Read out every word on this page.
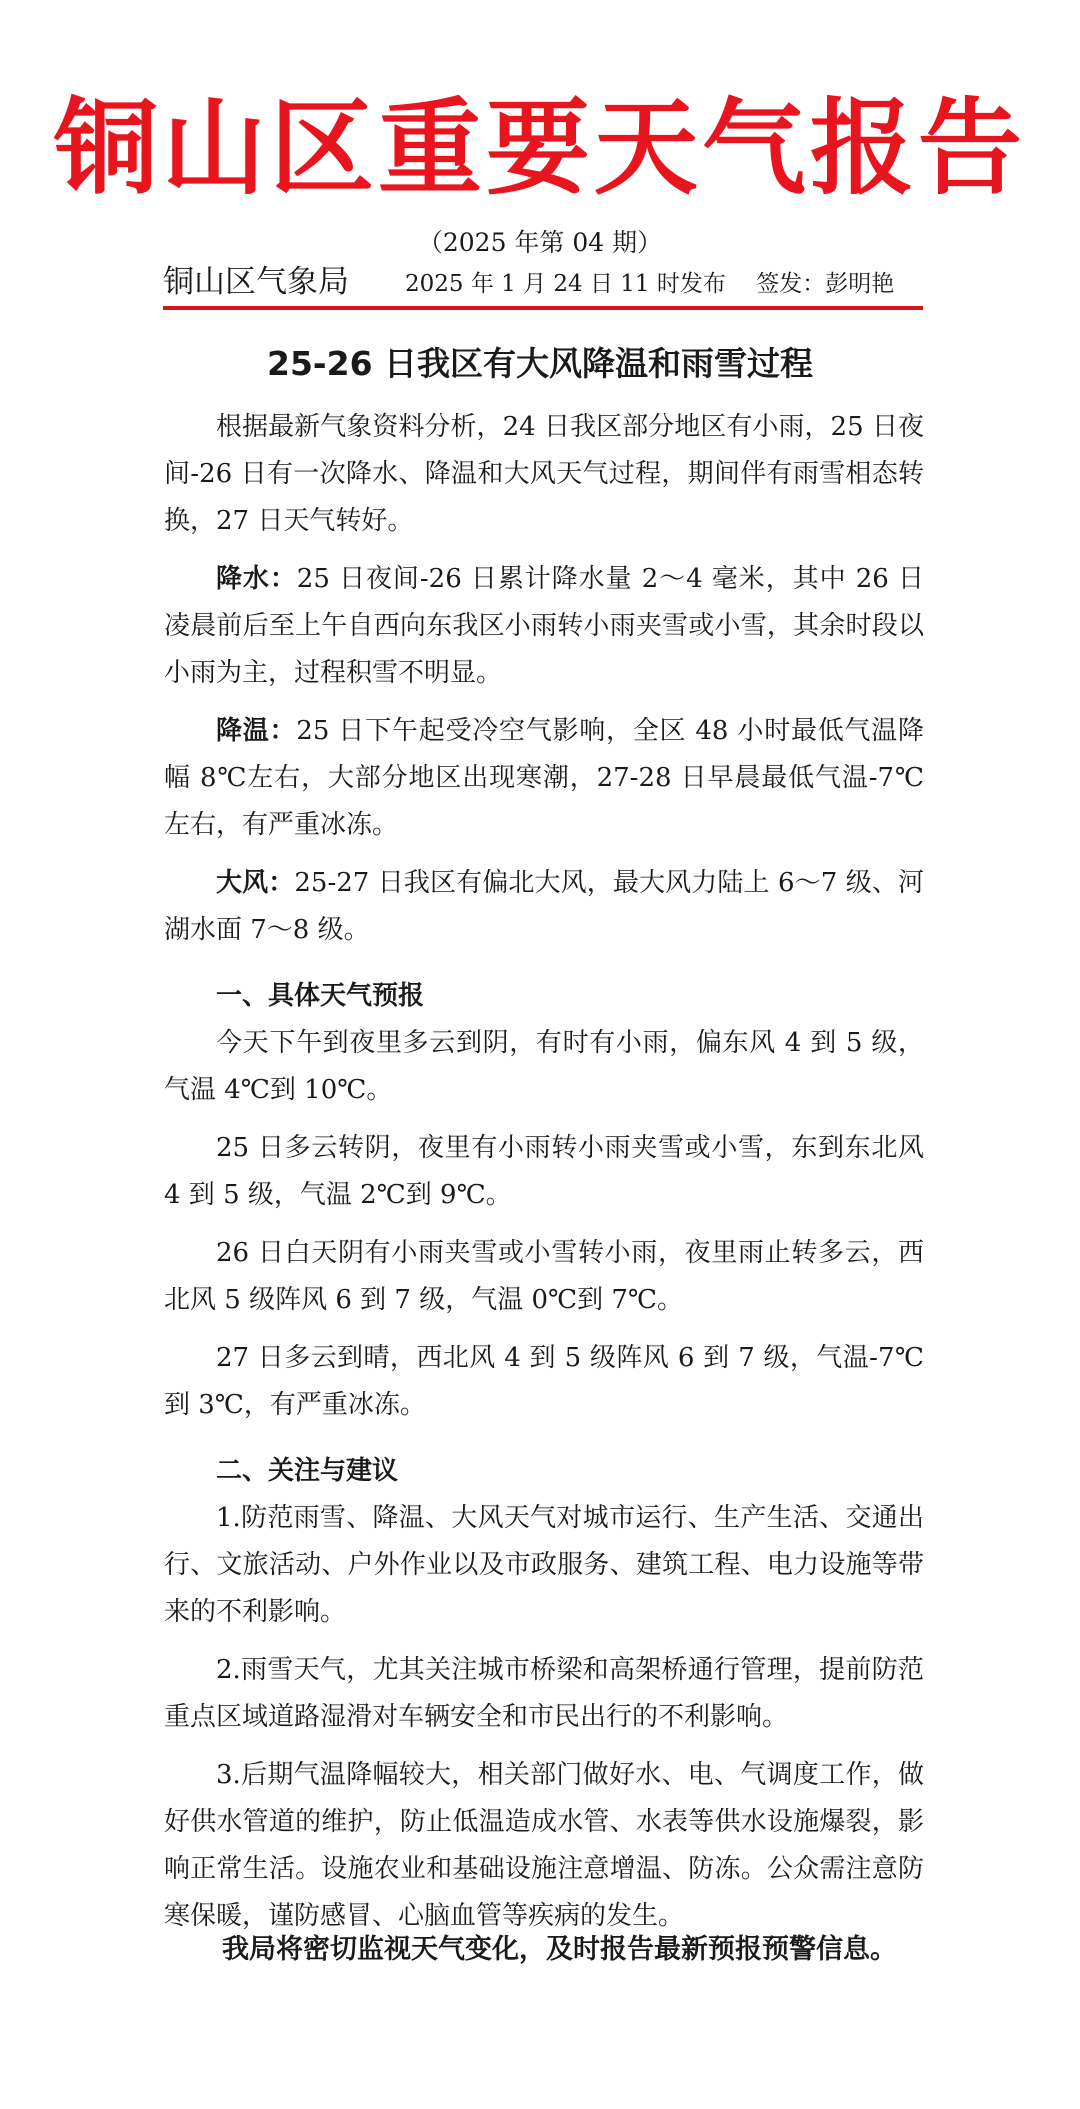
铜山区重要天气报告
（2025 年第 04 期）
铜山区气象局 2025 年 1 月 24 日 11 时发布　 签发：彭明艳
25-26 日我区有大风降温和雨雪过程

根据最新气象资料分析，24 日我区部分地区有小雨，25 日夜间-26 日有一次降水、降温和大风天气过程，期间伴有雨雪相态转换，27 日天气转好。

降水：25 日夜间-26 日累计降水量 2～4 毫米，其中 26 日凌晨前后至上午自西向东我区小雨转小雨夹雪或小雪，其余时段以小雨为主，过程积雪不明显。

降温：25 日下午起受冷空气影响，全区 48 小时最低气温降幅 8℃左右，大部分地区出现寒潮，27-28 日早晨最低气温-7℃左右，有严重冰冻。

大风：25-27 日我区有偏北大风，最大风力陆上 6～7 级、河湖水面 7～8 级。

一、具体天气预报

今天下午到夜里多云到阴，有时有小雨，偏东风 4 到 5 级，气温 4℃到 10℃。

25 日多云转阴，夜里有小雨转小雨夹雪或小雪，东到东北风 4 到 5 级，气温 2℃到 9℃。

26 日白天阴有小雨夹雪或小雪转小雨，夜里雨止转多云，西北风 5 级阵风 6 到 7 级，气温 0℃到 7℃。

27 日多云到晴，西北风 4 到 5 级阵风 6 到 7 级，气温-7℃到 3℃，有严重冰冻。

二、关注与建议

1.防范雨雪、降温、大风天气对城市运行、生产生活、交通出行、文旅活动、户外作业以及市政服务、建筑工程、电力设施等带来的不利影响。

2.雨雪天气，尤其关注城市桥梁和高架桥通行管理，提前防范重点区域道路湿滑对车辆安全和市民出行的不利影响。

3.后期气温降幅较大，相关部门做好水、电、气调度工作，做好供水管道的维护，防止低温造成水管、水表等供水设施爆裂，影响正常生活。设施农业和基础设施注意增温、防冻。公众需注意防寒保暖，谨防感冒、心脑血管等疾病的发生。

我局将密切监视天气变化，及时报告最新预报预警信息。
